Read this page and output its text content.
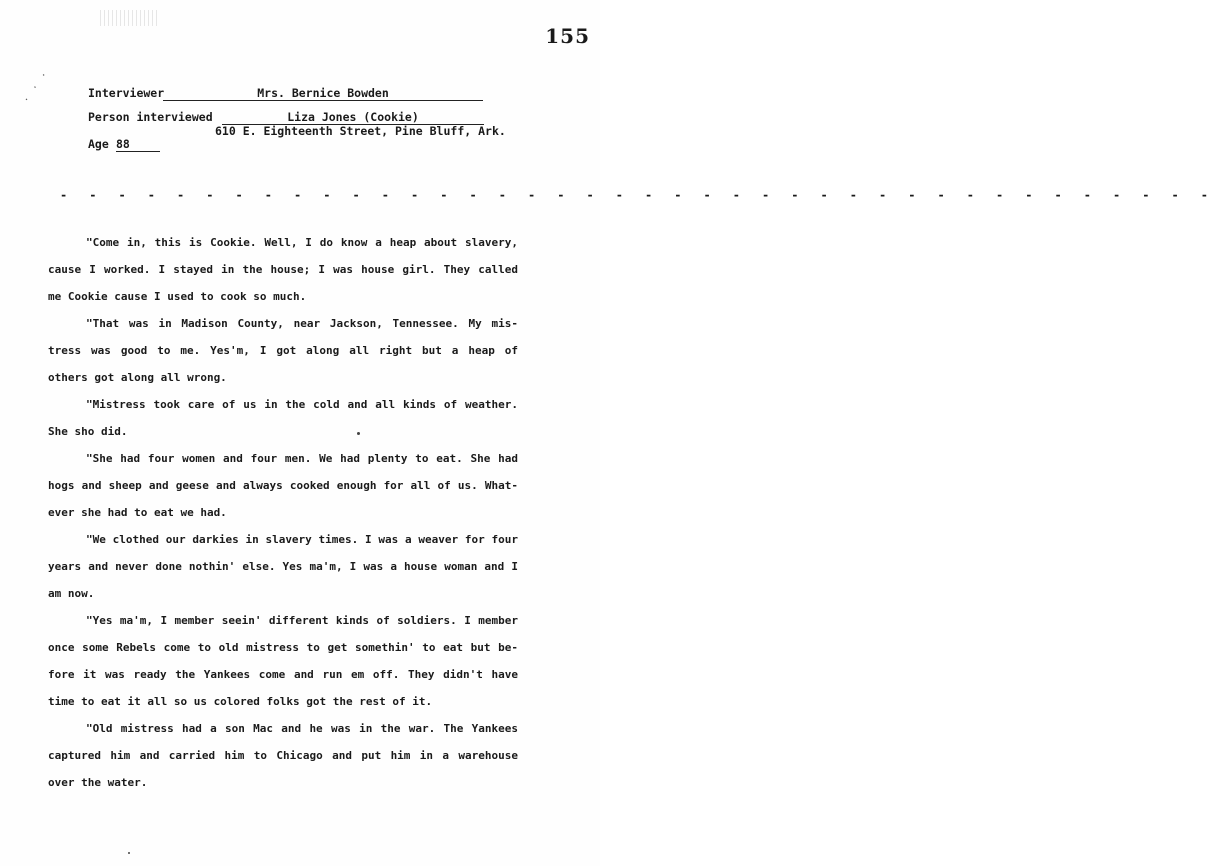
· · ·
155
Interviewer	Mrs. Bernice Bowden
Person interviewed	Liza Jones (Cookie)
610 E. Eighteenth Street, Pine Bluff, Ark.
Age 88
- - - - - - - - - - - - - - - - - - - - - - - - - - - - - - - - - - - - - - - -

"Come in, this is Cookie. Well, I do know a heap about slavery, cause I worked. I stayed in the house; I was house girl. They called me Cookie cause I used to cook so much.

"That was in Madison County, near Jackson, Tennessee. My mis- tress was good to me. Yes'm, I got along all right but a heap of others got along all wrong.

"Mistress took care of us in the cold and all kinds of weather. She sho did.

"She had four women and four men. We had plenty to eat. She had hogs and sheep and geese and always cooked enough for all of us. What- ever she had to eat we had.

"We clothed our darkies in slavery times. I was a weaver for four years and never done nothin' else. Yes ma'm, I was a house woman and I am now.

"Yes ma'm, I member seein' different kinds of soldiers. I member once some Rebels come to old mistress to get somethin' to eat but be- fore it was ready the Yankees come and run em off. They didn't have time to eat it all so us colored folks got the rest of it.

"Old mistress had a son Mac and he was in the war. The Yankees captured him and carried him to Chicago and put him in a warehouse over the water.
